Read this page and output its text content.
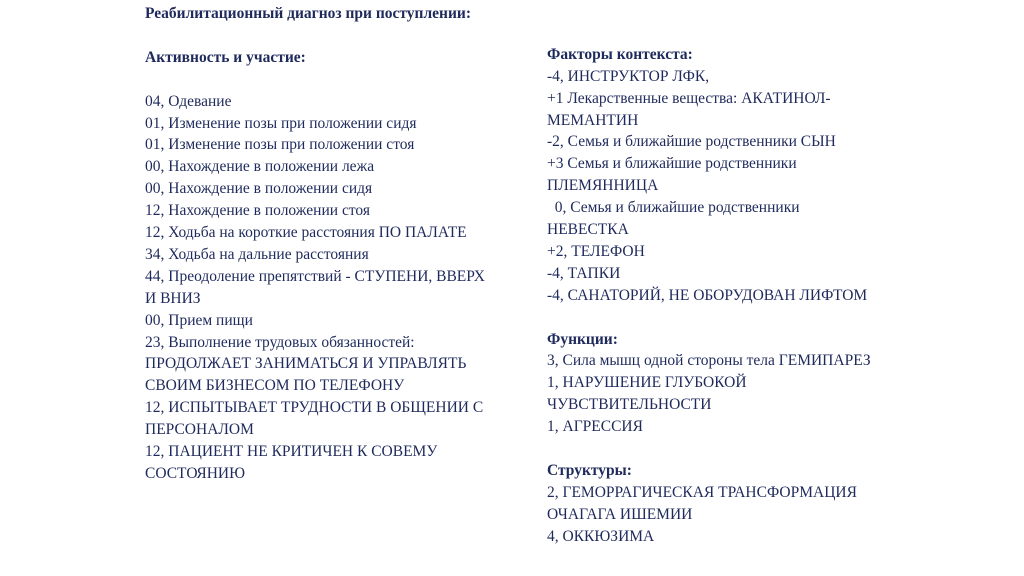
Реабилитационный диагноз при поступлении:
Активность и участие:
04, Одевание
01, Изменение позы при положении сидя
01, Изменение позы при положении стоя
00, Нахождение в положении лежа
00, Нахождение в положении сидя
12, Нахождение в положении стоя
12, Ходьба на короткие расстояния ПО ПАЛАТЕ
34, Ходьба на дальние расстояния
44, Преодоление препятствий - СТУПЕНИ, ВВЕРХ
И ВНИЗ
00, Прием пищи
23, Выполнение трудовых обязанностей:
ПРОДОЛЖАЕТ ЗАНИМАТЬСЯ И УПРАВЛЯТЬ
СВОИМ БИЗНЕСОМ ПО ТЕЛЕФОНУ
12, ИСПЫТЫВАЕТ ТРУДНОСТИ В ОБЩЕНИИ С
ПЕРСОНАЛОМ
12, ПАЦИЕНТ НЕ КРИТИЧЕН К СОВЕМУ
СОСТОЯНИЮ
Факторы контекста:
-4, ИНСТРУКТОР ЛФК,
+1 Лекарственные вещества: АКАТИНОЛ-
МЕМАНТИН
-2, Семья и ближайшие родственники СЫН
+3 Семья и ближайшие родственники
ПЛЕМЯННИЦА
0, Семья и ближайшие родственники
НЕВЕСТКА
+2, ТЕЛЕФОН
-4, ТАПКИ
-4, САНАТОРИЙ, НЕ ОБОРУДОВАН ЛИФТОМ
Функции:
3, Сила мышц одной стороны тела ГЕМИПАРЕЗ
1, НАРУШЕНИЕ ГЛУБОКОЙ
ЧУВСТВИТЕЛЬНОСТИ
1, АГРЕССИЯ
Структуры:
2, ГЕМОРРАГИЧЕСКАЯ ТРАНСФОРМАЦИЯ
ОЧАГАГА ИШЕМИИ
4, ОККЮЗИМА
